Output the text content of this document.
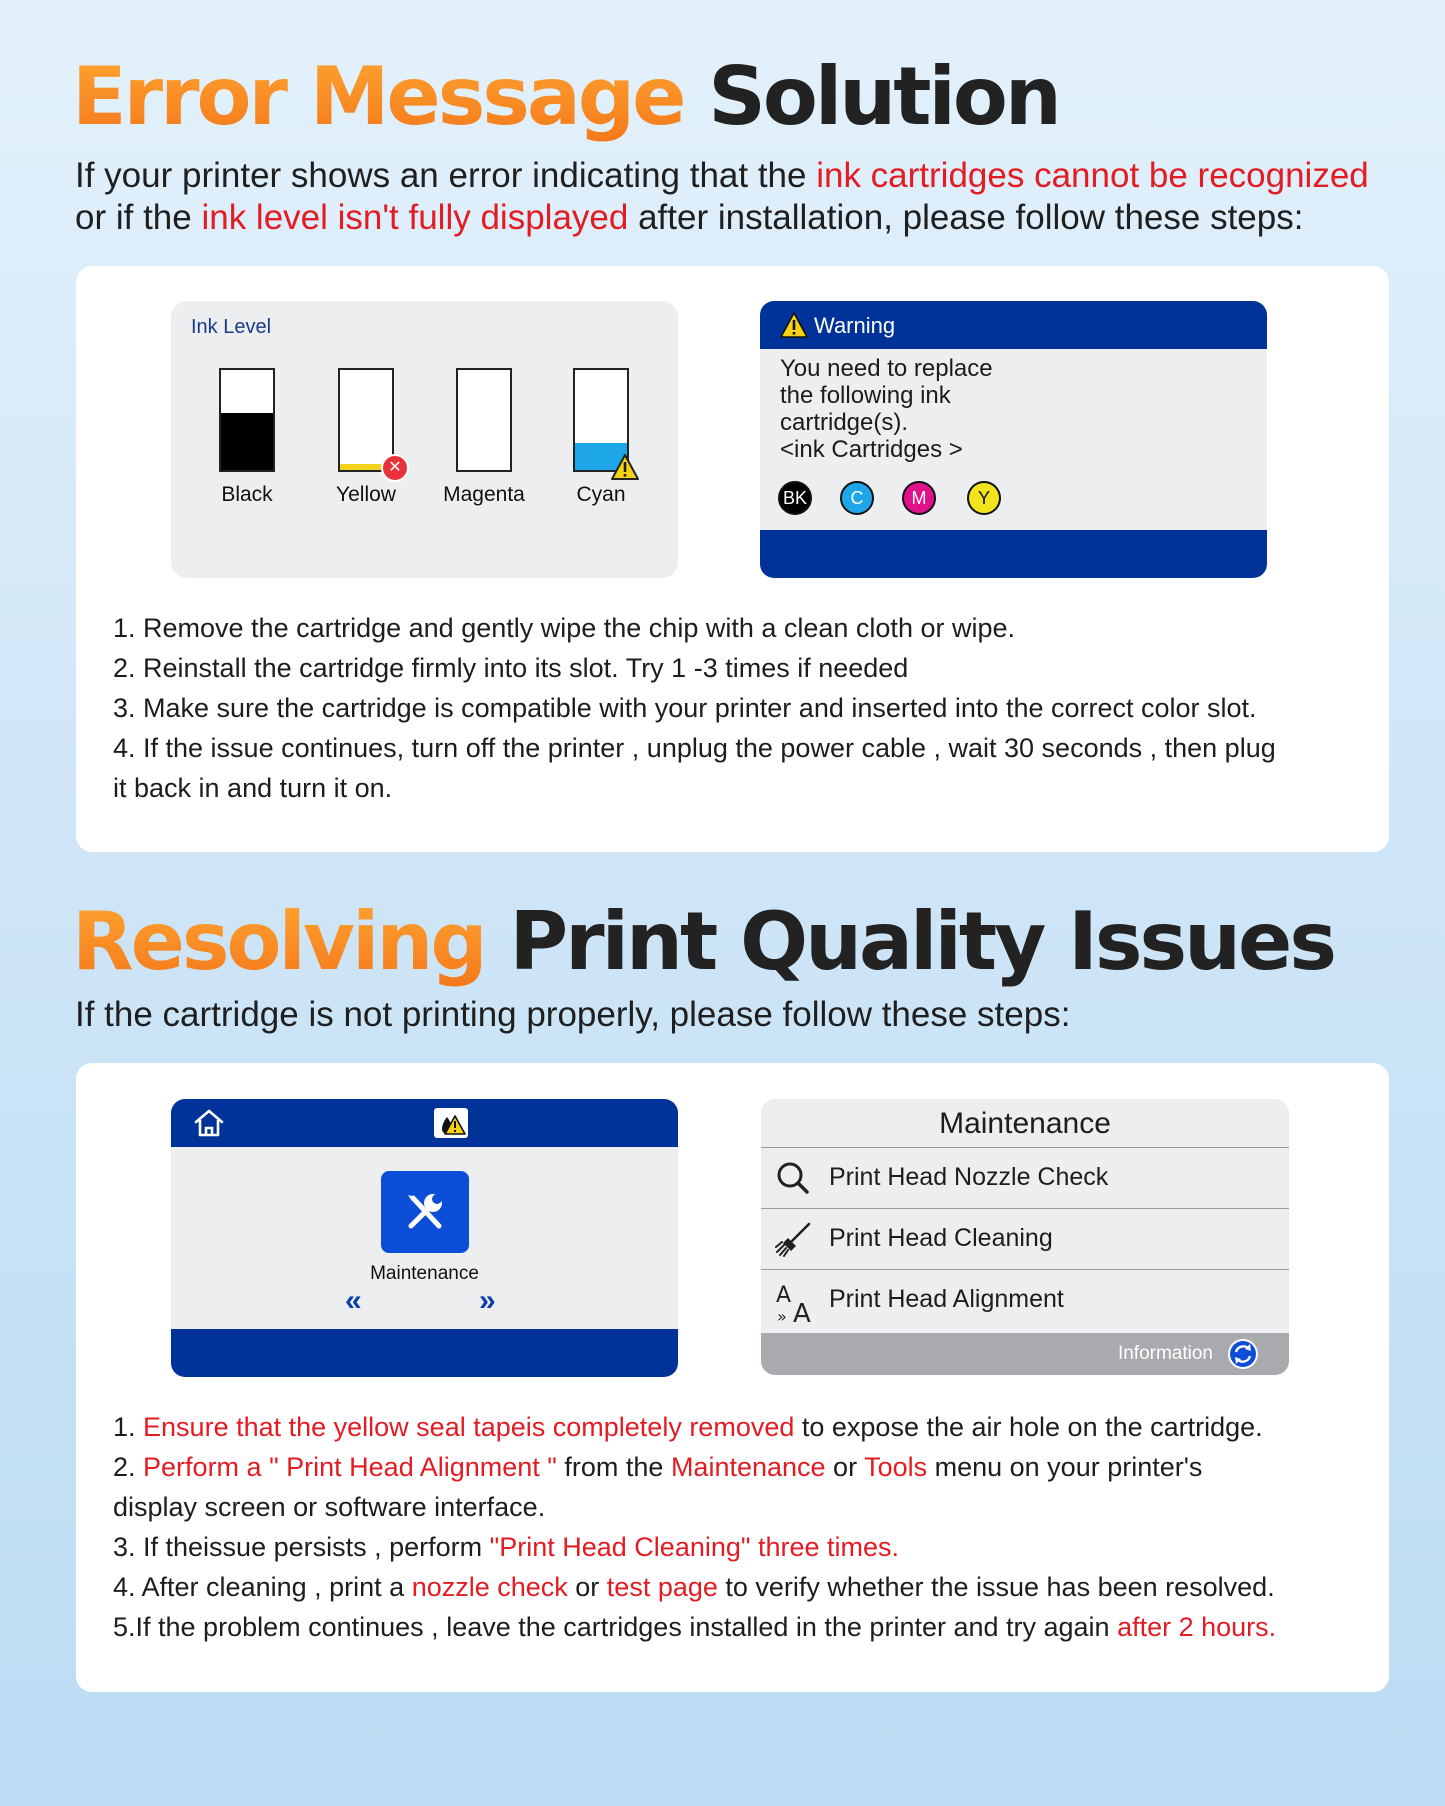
Error Message Solution

If your printer shows an error indicating that the ink cartridges cannot be recognized
or if the ink level isn't fully displayed after installation, please follow these steps:

Ink Level
✕
Black	Yellow	Magenta	Cyan
Warning
You need to replace
the following ink
cartridge(s).
<ink Cartridges >
BK	C	M	Y
1. Remove the cartridge and gently wipe the chip with a clean cloth or wipe.
2. Reinstall the cartridge firmly into its slot. Try 1 -3 times if needed
3. Make sure the cartridge is compatible with your printer and inserted into the correct color slot.
4. If the issue continues, turn off the printer , unplug the power cable , wait 30 seconds , then plug
it back in and turn it on.
Resolving Print Quality Issues

If the cartridge is not printing properly, please follow these steps:

Maintenance
«	»
Maintenance
Print Head Nozzle Check
Print Head Cleaning
A
A
»
Print Head Alignment
Information
1. Ensure that the yellow seal tapeis completely removed to expose the air hole on the cartridge.
2. Perform a " Print Head Alignment " from the Maintenance or Tools menu on your printer's
display screen or software interface.
3. If theissue persists , perform "Print Head Cleaning" three times.
4. After cleaning , print a nozzle check or test page to verify whether the issue has been resolved.
5.If the problem continues , leave the cartridges installed in the printer and try again after 2 hours.
